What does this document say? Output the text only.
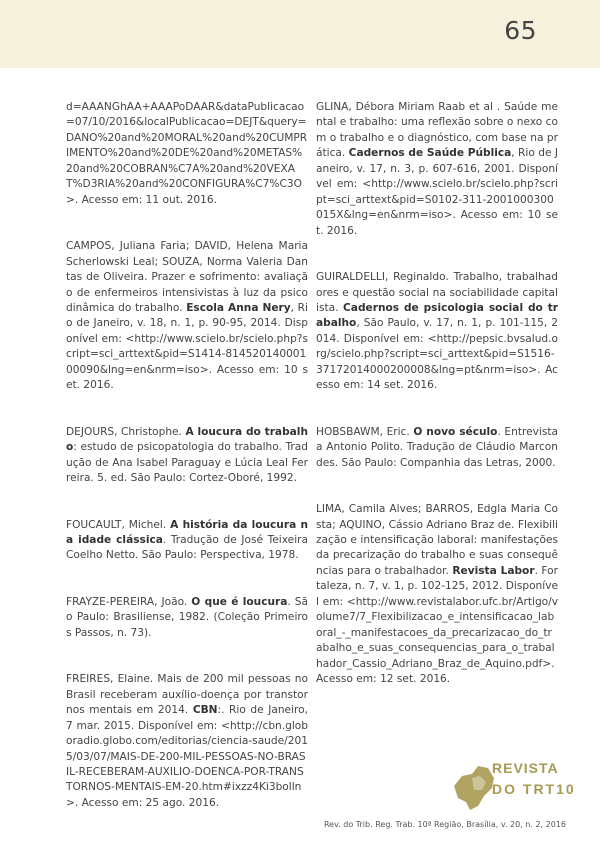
65

d=AAANGhAA+AAAPoDAAR&dataPublicacao=07/10/2016&localPublicacao=DEJT&query=DANO%20and%20MORAL%20and%20CUMPRIMENTO%20and%20DE%20and%20METAS%20and%20COBRAN%C7A%20and%20VEXAT%D3RIA%20and%20CONFIGURA%C7%C3O>. Acesso em: 11 out. 2016.

CAMPOS, Juliana Faria; DAVID, Helena Maria Scherlowski Leal; SOUZA, Norma Valeria Dantas de Oliveira. Prazer e sofrimento: avaliação de enfermeiros intensivistas à luz da psicodinâmica do trabalho. Escola Anna Nery, Rio de Janeiro, v. 18, n. 1, p. 90-95, 2014. Disponível em: <http://www.scielo.br/scielo.php?script=sci_arttext&pid=S1414-81452014000100090&lng=en&nrm=iso>. Acesso em: 10 set. 2016.

DEJOURS, Christophe. A loucura do trabalho: estudo de psicopatologia do trabalho. Tradução de Ana Isabel Paraguay e Lúcia Leal Ferreira. 5. ed. São Paulo: Cortez-Oboré, 1992.

FOUCAULT, Michel. A história da loucura na idade clássica. Tradução de José Teixeira Coelho Netto. São Paulo: Perspectiva, 1978.

FRAYZE-PEREIRA, João. O que é loucura. São Paulo: Brasiliense, 1982. (Coleção Primeiros Passos, n. 73).

FREIRES, Elaine. Mais de 200 mil pessoas no Brasil receberam auxílio-doença por transtornos mentais em 2014. CBN:. Rio de Janeiro, 7 mar. 2015. Disponível em: <http://cbn.globoradio.globo.com/editorias/ciencia-saude/2015/03/07/MAIS-DE-200-MIL-PESSOAS-NO-BRASIL-RECEBERAM-AUXILIO-DOENCA-POR-TRANSTORNOS-MENTAIS-EM-20.htm#ixzz4Ki3bolln>. Acesso em: 25 ago. 2016.

GLINA, Débora Miriam Raab et al . Saúde mental e trabalho: uma reflexão sobre o nexo com o trabalho e o diagnóstico, com base na prática. Cadernos de Saúde Pública, Rio de Janeiro, v. 17, n. 3, p. 607-616, 2001. Disponível em: <http://www.scielo.br/scielo.php?script=sci_arttext&pid=S0102-311-2001000300015X&lng=en&nrm=iso>. Acesso em: 10 set. 2016.

GUIRALDELLI, Reginaldo. Trabalho, trabalhadores e questão social na sociabilidade capitalista. Cadernos de psicologia social do trabalho, São Paulo, v. 17, n. 1, p. 101-115, 2014. Disponível em: <http://pepsic.bvsalud.org/scielo.php?script=sci_arttext&pid=S1516-37172014000200008&lng=pt&nrm=iso>. Acesso em: 14 set. 2016.

HOBSBAWM, Eric. O novo século. Entrevista a Antonio Polito. Tradução de Cláudio Marcondes. São Paulo: Companhia das Letras, 2000.

LIMA, Camila Alves; BARROS, Edgla Maria Costa; AQUINO, Cássio Adriano Braz de. Flexibilização e intensificação laboral: manifestações da precarização do trabalho e suas consequências para o trabalhador. Revista Labor. Fortaleza, n. 7, v. 1, p. 102-125, 2012. Disponível em: <http://www.revistalabor.ufc.br/Artigo/volume7/7_Flexibilizacao_e_intensificacao_laboral_-_manifestacoes_da_precarizacao_do_trabalho_e_suas_consequencias_para_o_trabalhador_Cassio_Adriano_Braz_de_Aquino.pdf>. Acesso em: 12 set. 2016.

REVISTA
DO TRT10
Rev. do Trib. Reg. Trab. 10ª Região, Brasília, v. 20, n. 2, 2016
